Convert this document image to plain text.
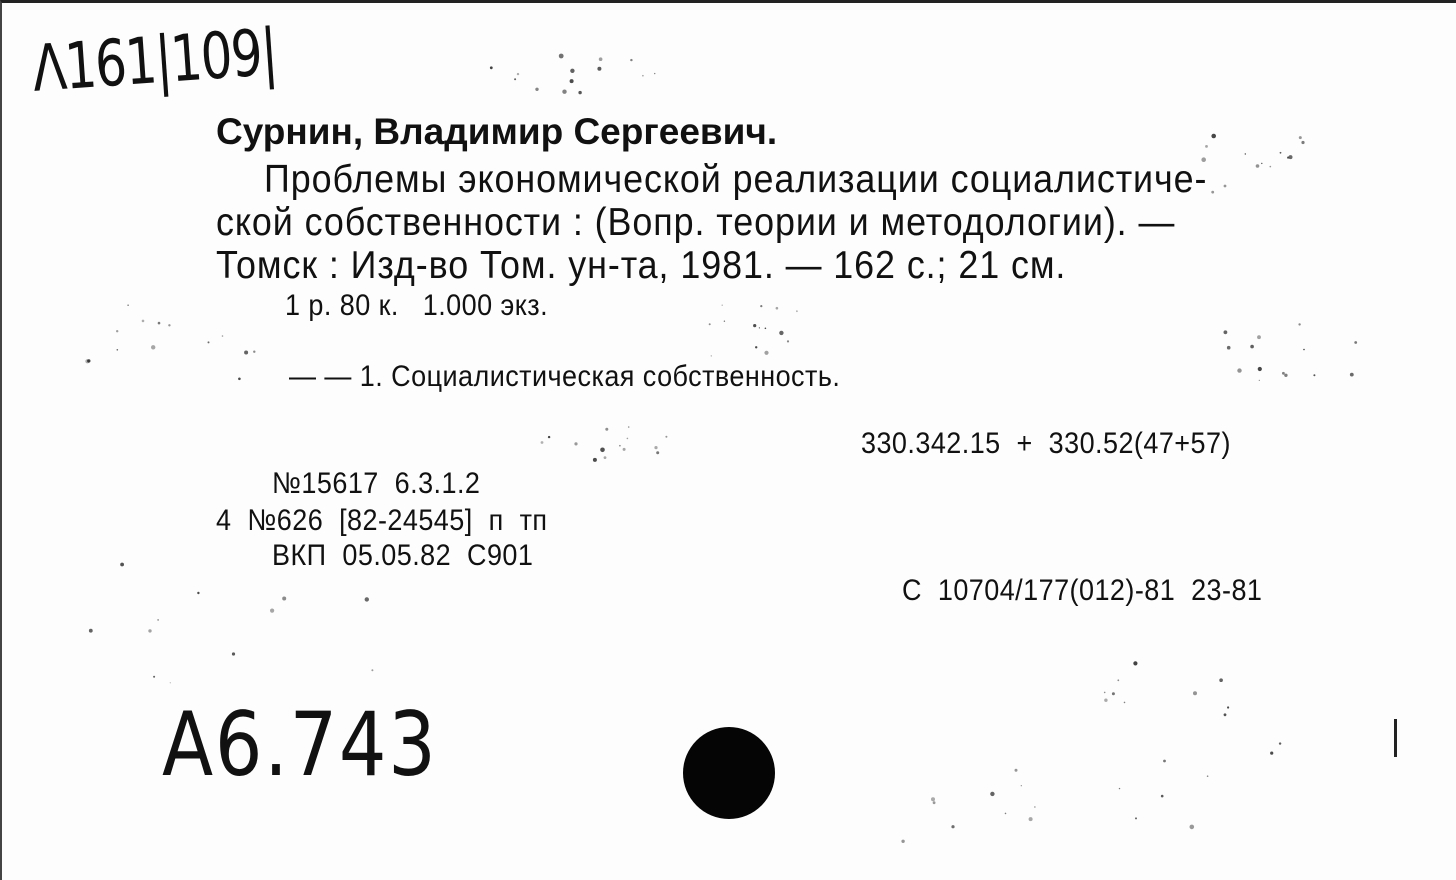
Λ161|109|

Сурнин, Владимир Сергеевич.

Проблемы экономической реализации социалистиче-

ской собственности : (Вопр. теории и методологии). —

Томск : Изд-во Том. ун-та, 1981. — 162 с.; 21 см.

1 р. 80 к.   1.000 экз.

— — 1. Социалистическая собственность.

330.342.15  +  330.52(47+57)

№15617  6.3.1.2

4  №626  [82-24545]  п  тп

ВКП  05.05.82  С901

С  10704/177(012)-81  23-81

A6.743
